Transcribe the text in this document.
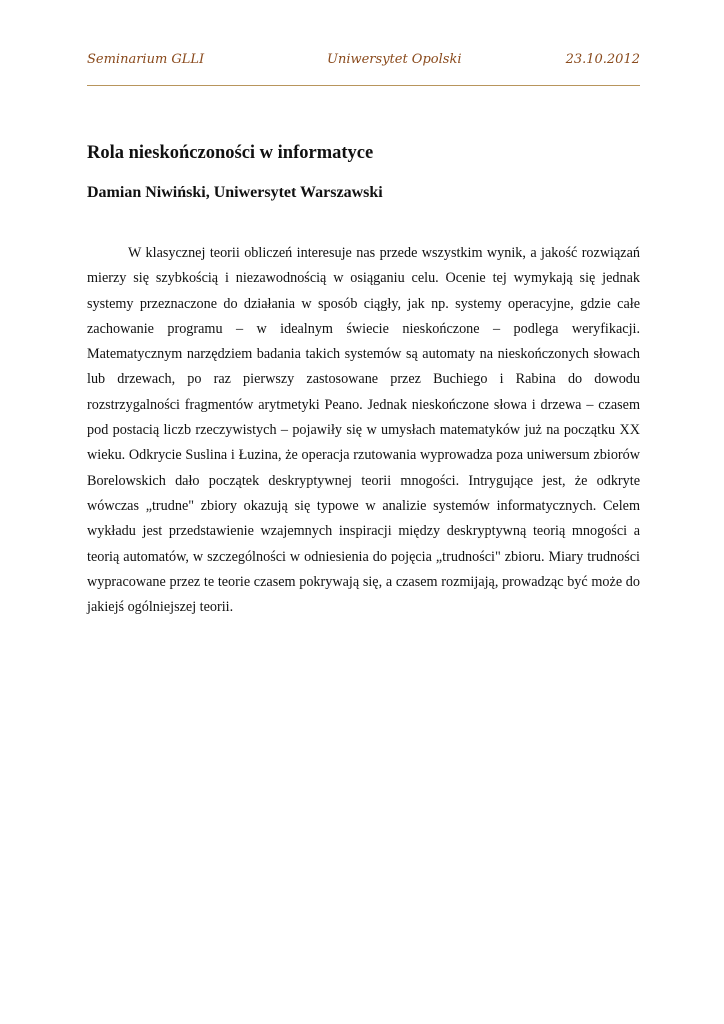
Seminarium GLLI	Uniwersytet Opolski	23.10.2012
Rola nieskończoności w informatyce
Damian Niwiński, Uniwersytet Warszawski

W klasycznej teorii obliczeń interesuje nas przede wszystkim wynik, a jakość rozwiązań mierzy się szybkością i niezawodnością w osiąganiu celu. Ocenie tej wymykają się jednak systemy przeznaczone do działania w sposób ciągły, jak np. systemy operacyjne, gdzie całe zachowanie programu – w idealnym świecie nieskończone – podlega weryfikacji. Matematycznym narzędziem badania takich systemów są automaty na nieskończonych słowach lub drzewach, po raz pierwszy zastosowane przez Buchiego i Rabina do dowodu rozstrzygalności fragmentów arytmetyki Peano. Jednak nieskończone słowa i drzewa – czasem pod postacią liczb rzeczywistych – pojawiły się w umysłach matematyków już na początku XX wieku. Odkrycie Suslina i Łuzina, że operacja rzutowania wyprowadza poza uniwersum zbiorów Borelowskich dało początek deskryptywnej teorii mnogości. Intrygujące jest, że odkryte wówczas „trudne" zbiory okazują się typowe w analizie systemów informatycznych. Celem wykładu jest przedstawienie wzajemnych inspiracji między deskryptywną teorią mnogości a teorią automatów, w szczególności w odniesienia do pojęcia „trudności" zbioru. Miary trudności wypracowane przez te teorie czasem pokrywają się, a czasem rozmijają, prowadząc być może do jakiejś ogólniejszej teorii.
